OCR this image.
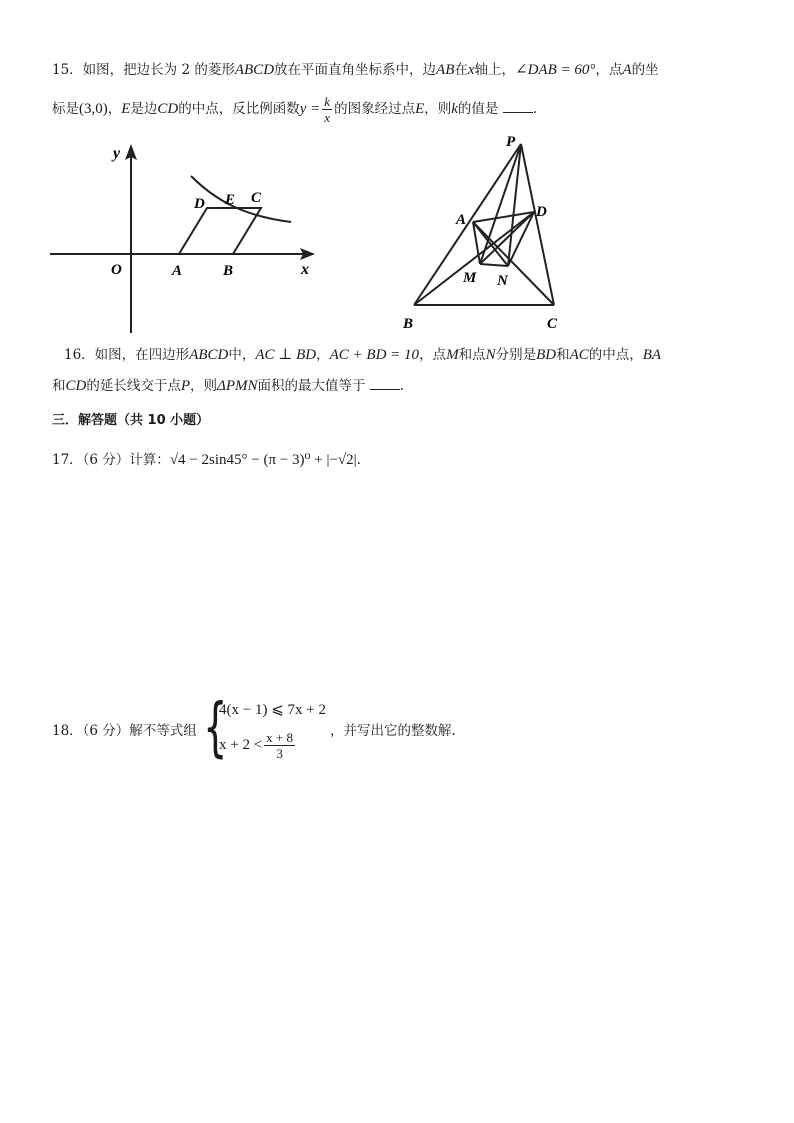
15．如图，把边长为 2 的菱形ABCD放在平面直角坐标系中，边AB在x轴上，∠DAB = 60°，点A的坐
标是(3,0)，E是边CD的中点，反比例函数$y = \frac{k}{x}$ 的图象经过点E，则k的值是	.
y
x
O	A	B
D E C
P
A	D
M N
B	C
16．如图，在四边形ABCD中，AC ⊥ BD，AC + BD = 10，点M和点N分别是BD和AC的中点，BA
和CD的延长线交于点P，则ΔPMN面积的最大值等于	.
三．解答题（共 10 小题）
17．（6 分）计算：√4 − 2sin45° − (π − 3)⁰ + |−√2|.
18．（6 分）解不等式组 {
4(x − 1) ⩽ 7x + 2
$x + 2 < \frac{x + 8}{3}$	，并写出它的整数解.
